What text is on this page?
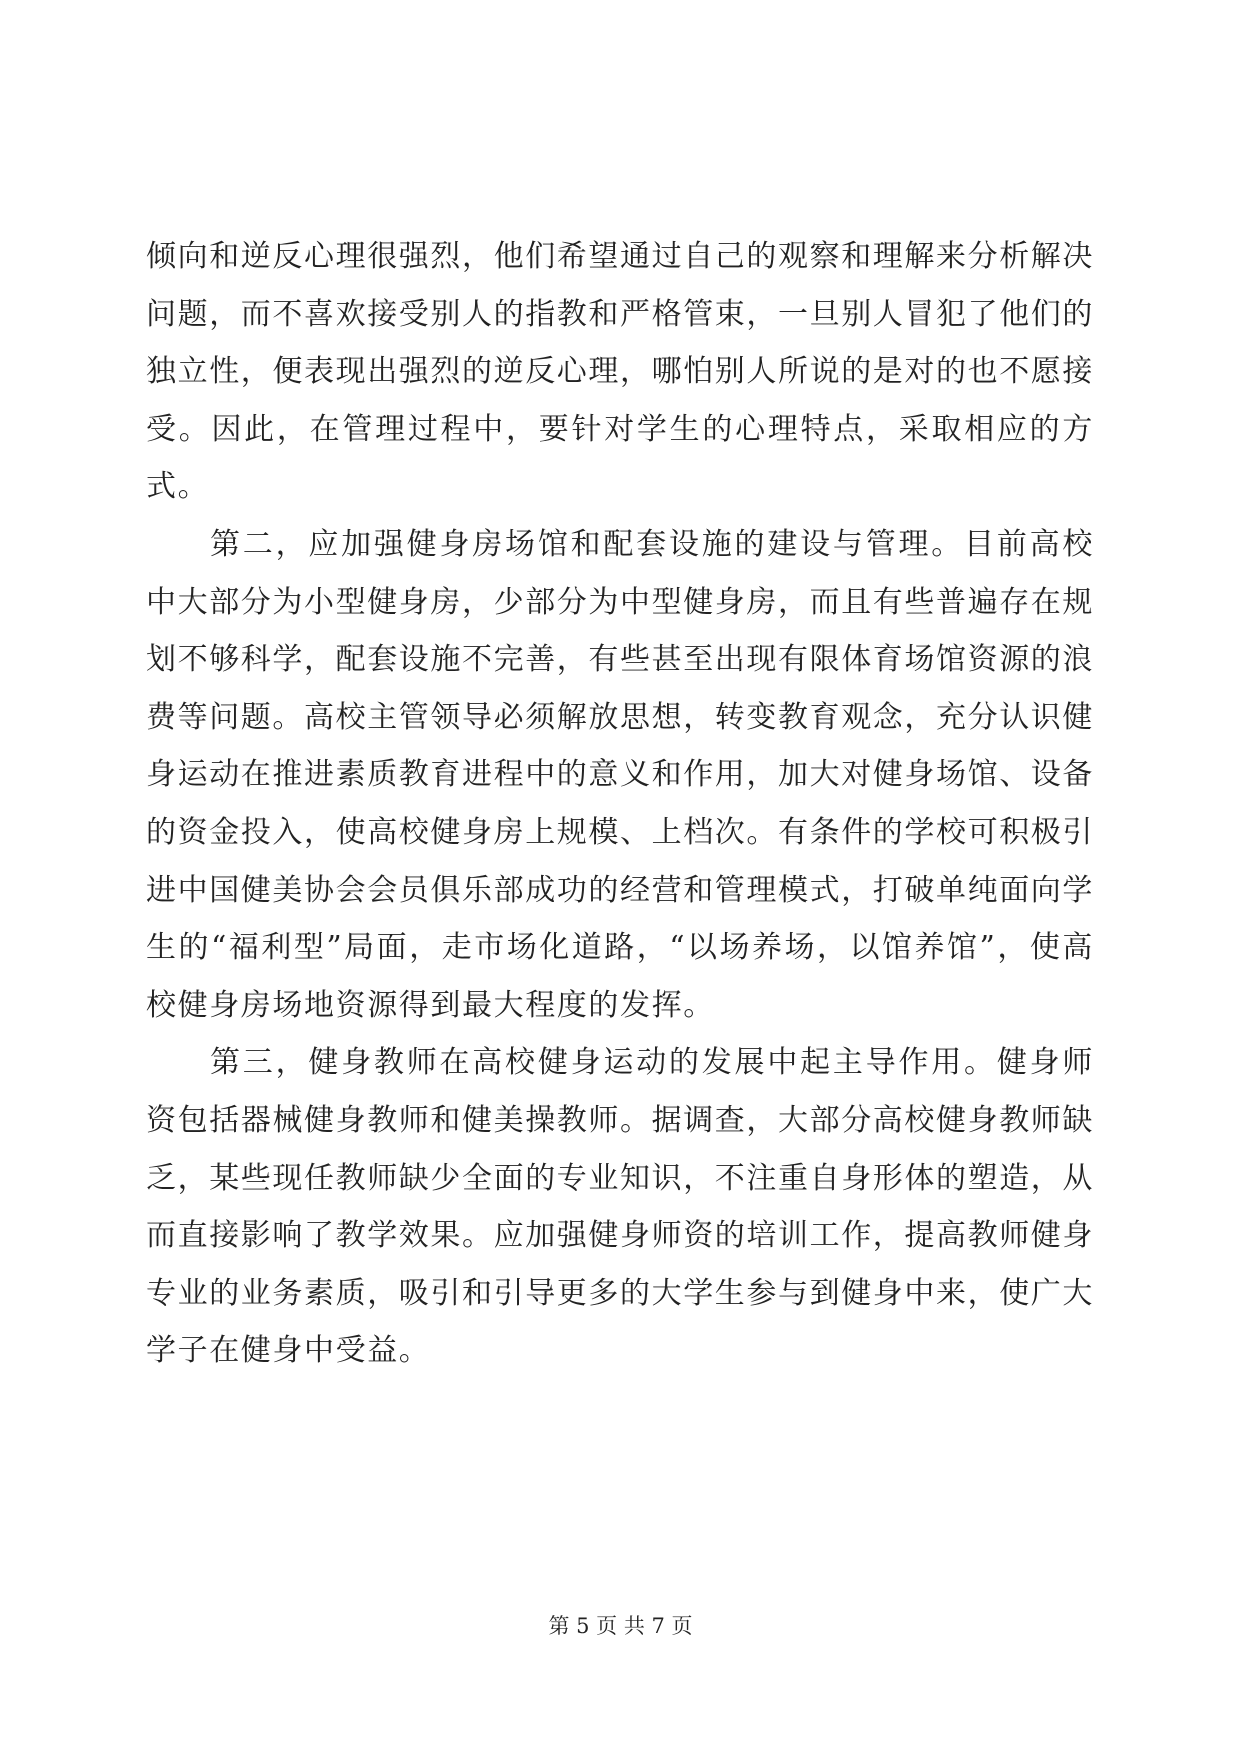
倾向和逆反心理很强烈，他们希望通过自己的观察和理解来分析解决问题，而不喜欢接受别人的指教和严格管束，一旦别人冒犯了他们的独立性，便表现出强烈的逆反心理，哪怕别人所说的是对的也不愿接受。因此，在管理过程中，要针对学生的心理特点，采取相应的方式。

第二，应加强健身房场馆和配套设施的建设与管理。目前高校中大部分为小型健身房，少部分为中型健身房，而且有些普遍存在规划不够科学，配套设施不完善，有些甚至出现有限体育场馆资源的浪费等问题。高校主管领导必须解放思想，转变教育观念，充分认识健身运动在推进素质教育进程中的意义和作用，加大对健身场馆、设备的资金投入，使高校健身房上规模、上档次。有条件的学校可积极引进中国健美协会会员俱乐部成功的经营和管理模式，打破单纯面向学生的“福利型”局面，走市场化道路，“以场养场，以馆养馆”，使高校健身房场地资源得到最大程度的发挥。

第三，健身教师在高校健身运动的发展中起主导作用。健身师资包括器械健身教师和健美操教师。据调查，大部分高校健身教师缺乏，某些现任教师缺少全面的专业知识，不注重自身形体的塑造，从而直接影响了教学效果。应加强健身师资的培训工作，提高教师健身专业的业务素质，吸引和引导更多的大学生参与到健身中来，使广大学子在健身中受益。

第 5 页 共 7 页
